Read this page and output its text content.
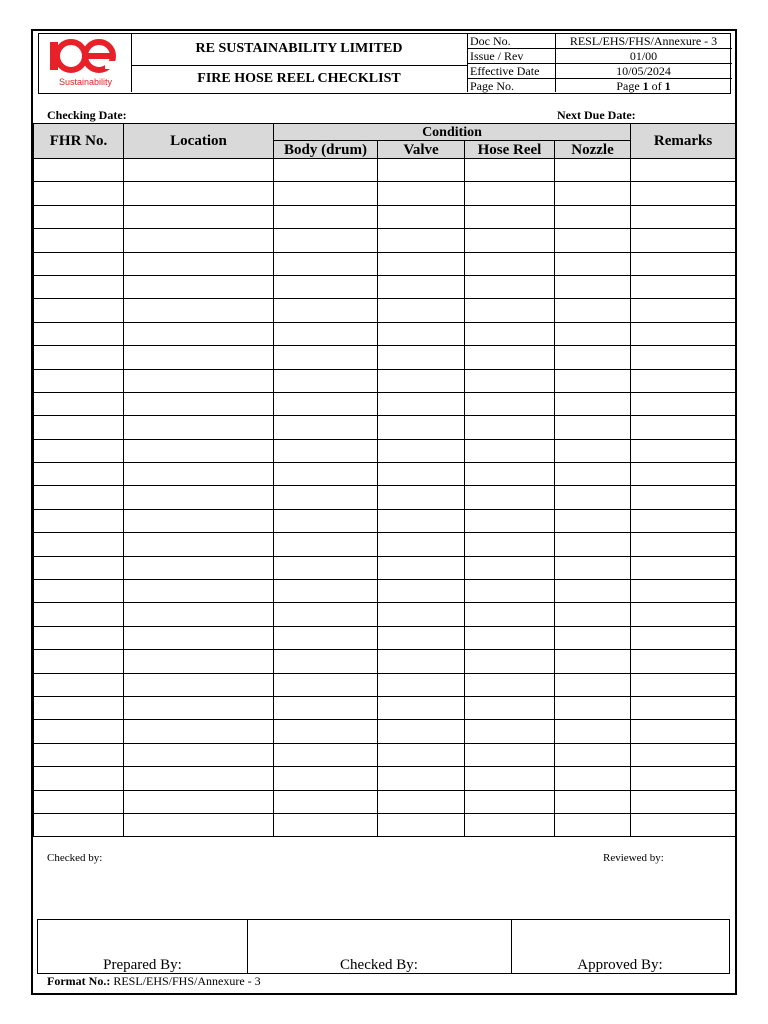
Sustainability
RE SUSTAINABILITY LIMITED
FIRE HOSE REEL CHECKLIST
Doc No.	RESL/EHS/FHS/Annexure - 3
Issue / Rev	01/00
Effective Date	10/05/2024
Page No.	Page 1 of 1
Checking Date:	Next Due Date:
FHR No.	Location	Condition				Remarks
		Body (drum)	Valve	Hose Reel	Nozzle	

Checked by:	Reviewed by:
Prepared By:	Checked By:	Approved By:
Format No.: RESL/EHS/FHS/Annexure - 3
